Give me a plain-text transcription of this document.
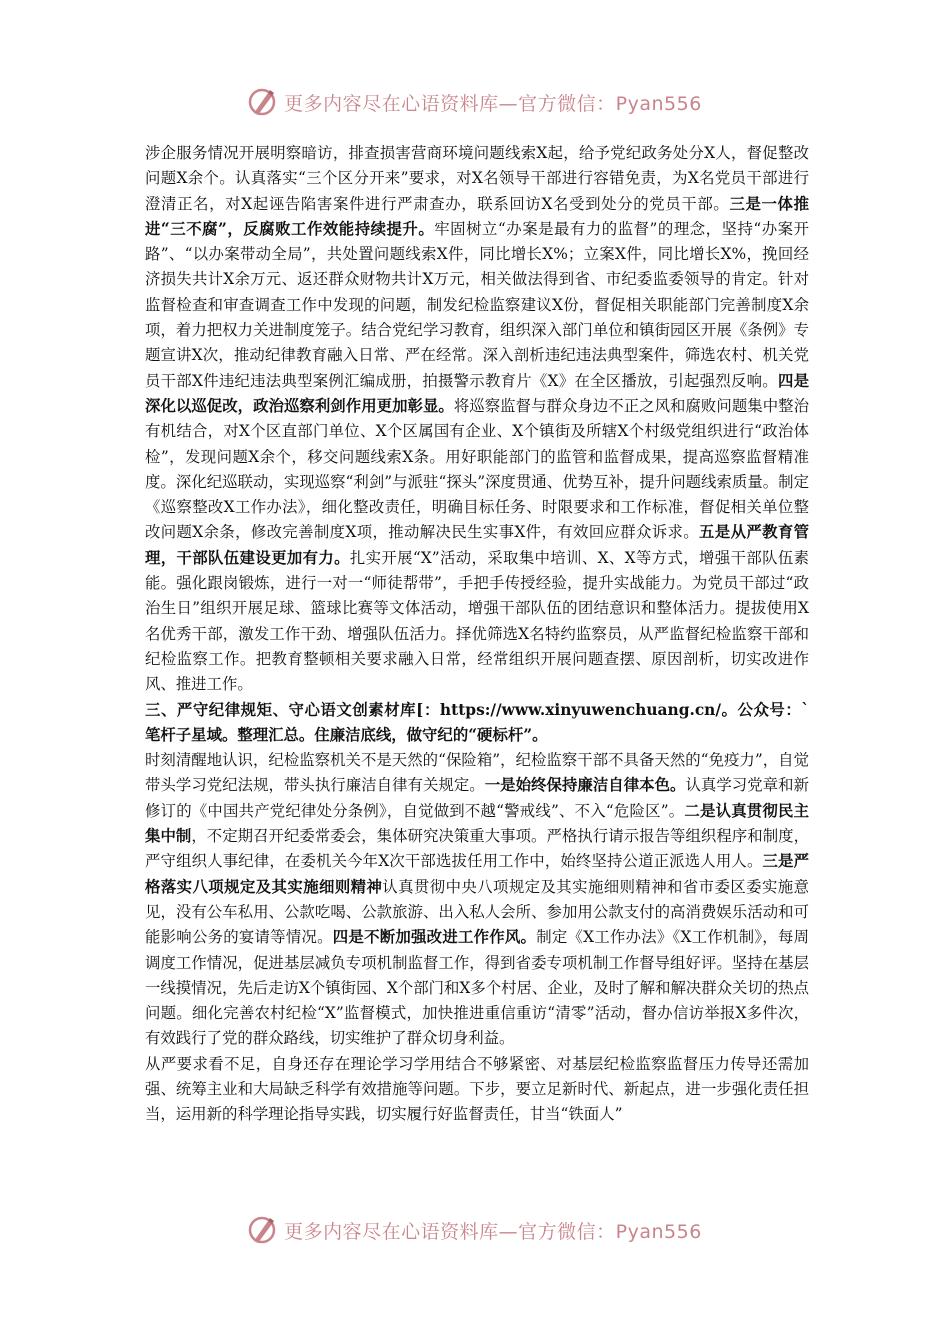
更多内容尽在心语资料库—官方微信：Pyan556

涉企服务情况开展明察暗访，排查损害营商环境问题线索X起，给予党纪政务处分X人，督促整改问题X余个。认真落实“三个区分开来”要求，对X名领导干部进行容错免责，为X名党员干部进行澄清正名，对X起诬告陷害案件进行严肃查办，联系回访X名受到处分的党员干部。三是一体推进“三不腐”，反腐败工作效能持续提升。牢固树立“办案是最有力的监督”的理念，坚持“办案开路”、“以办案带动全局”，共处置问题线索X件，同比增长X%；立案X件，同比增长X%，挽回经济损失共计X余万元、返还群众财物共计X万元，相关做法得到省、市纪委监委领导的肯定。针对监督检查和审查调查工作中发现的问题，制发纪检监察建议X份，督促相关职能部门完善制度X余项，着力把权力关进制度笼子。结合党纪学习教育，组织深入部门单位和镇街园区开展《条例》专题宣讲X次，推动纪律教育融入日常、严在经常。深入剖析违纪违法典型案件，筛选农村、机关党员干部X件违纪违法典型案例汇编成册，拍摄警示教育片《X》在全区播放，引起强烈反响。四是深化以巡促改，政治巡察利剑作用更加彰显。将巡察监督与群众身边不正之风和腐败问题集中整治有机结合，对X个区直部门单位、X个区属国有企业、X个镇街及所辖X个村级党组织进行“政治体检”，发现问题X余个，移交问题线索X条。用好职能部门的监管和监督成果，提高巡察监督精准度。深化纪巡联动，实现巡察“利剑”与派驻“探头”深度贯通、优势互补，提升问题线索质量。制定《巡察整改X工作办法》，细化整改责任，明确目标任务、时限要求和工作标准，督促相关单位整改问题X余条，修改完善制度X项，推动解决民生实事X件，有效回应群众诉求。五是从严教育管理，干部队伍建设更加有力。扎实开展“X”活动，采取集中培训、X、X等方式，增强干部队伍素能。强化跟岗锻炼，进行一对一“师徒帮带”，手把手传授经验，提升实战能力。为党员干部过“政治生日”组织开展足球、篮球比赛等文体活动，增强干部队伍的团结意识和整体活力。提拔使用X名优秀干部，激发工作干劲、增强队伍活力。择优筛选X名特约监察员，从严监督纪检监察干部和纪检监察工作。把教育整顿相关要求融入日常，经常组织开展问题查摆、原因剖析，切实改进作风、推进工作。

三、严守纪律规矩、守心语文创素材库[：https://www.xinyuwenchuang.cn/。公众号：`笔杆子星域。整理汇总。住廉洁底线，做守纪的“硬标杆”。

时刻清醒地认识，纪检监察机关不是天然的“保险箱”，纪检监察干部不具备天然的“免疫力”，自觉带头学习党纪法规，带头执行廉洁自律有关规定。一是始终保持廉洁自律本色。认真学习党章和新修订的《中国共产党纪律处分条例》，自觉做到不越“警戒线”、不入“危险区”。二是认真贯彻民主集中制，不定期召开纪委常委会，集体研究决策重大事项。严格执行请示报告等组织程序和制度，严守组织人事纪律，在委机关今年X次干部选拔任用工作中，始终坚持公道正派选人用人。三是严格落实八项规定及其实施细则精神认真贯彻中央八项规定及其实施细则精神和省市委区委实施意见，没有公车私用、公款吃喝、公款旅游、出入私人会所、参加用公款支付的高消费娱乐活动和可能影响公务的宴请等情况。四是不断加强改进工作作风。制定《X工作办法》《X工作机制》，每周调度工作情况，促进基层减负专项机制监督工作，得到省委专项机制工作督导组好评。坚持在基层一线摸情况，先后走访X个镇街园、X个部门和X多个村居、企业，及时了解和解决群众关切的热点问题。细化完善农村纪检“X”监督模式，加快推进重信重访“清零”活动，督办信访举报X多件次，有效践行了党的群众路线，切实维护了群众切身利益。

从严要求看不足，自身还存在理论学习学用结合不够紧密、对基层纪检监察监督压力传导还需加强、统筹主业和大局缺乏科学有效措施等问题。下步，要立足新时代、新起点，进一步强化责任担当，运用新的科学理论指导实践，切实履行好监督责任，甘当“铁面人”

更多内容尽在心语资料库—官方微信：Pyan556
